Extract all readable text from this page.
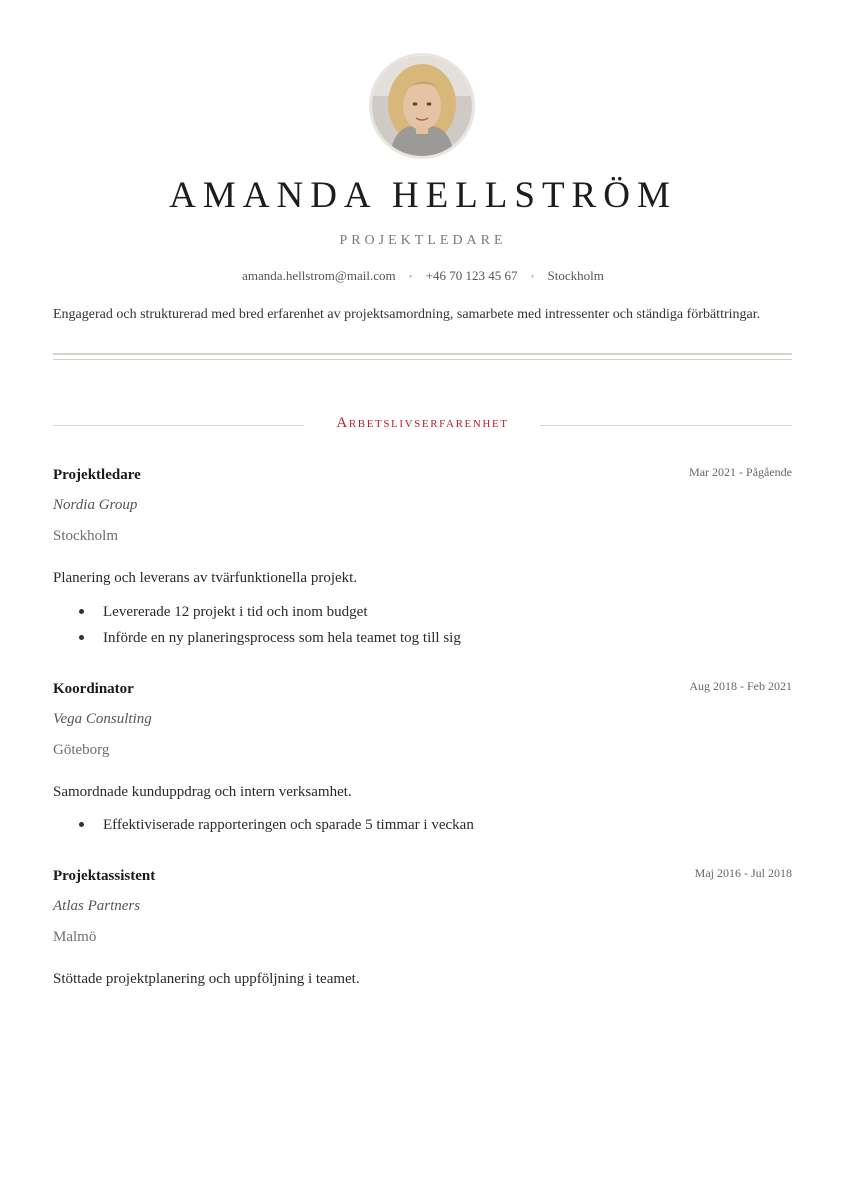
AMANDA HELLSTRÖM
PROJEKTLEDARE
amanda.hellstrom@mail.com • +46 70 123 45 67 • Stockholm

Engagerad och strukturerad med bred erfarenhet av projektsamordning, samarbete med intressenter och ständiga förbättringar.

Arbetslivserfarenhet
Projektledare	Mar 2021 - Pågående
Nordia Group
Stockholm
Planering och leverans av tvärfunktionella projekt.
Levererade 12 projekt i tid och inom budget
Införde en ny planeringsprocess som hela teamet tog till sig
Koordinator	Aug 2018 - Feb 2021
Vega Consulting
Göteborg
Samordnade kunduppdrag och intern verksamhet.
Effektiviserade rapporteringen och sparade 5 timmar i veckan
Projektassistent	Maj 2016 - Jul 2018
Atlas Partners
Malmö
Stöttade projektplanering och uppföljning i teamet.
